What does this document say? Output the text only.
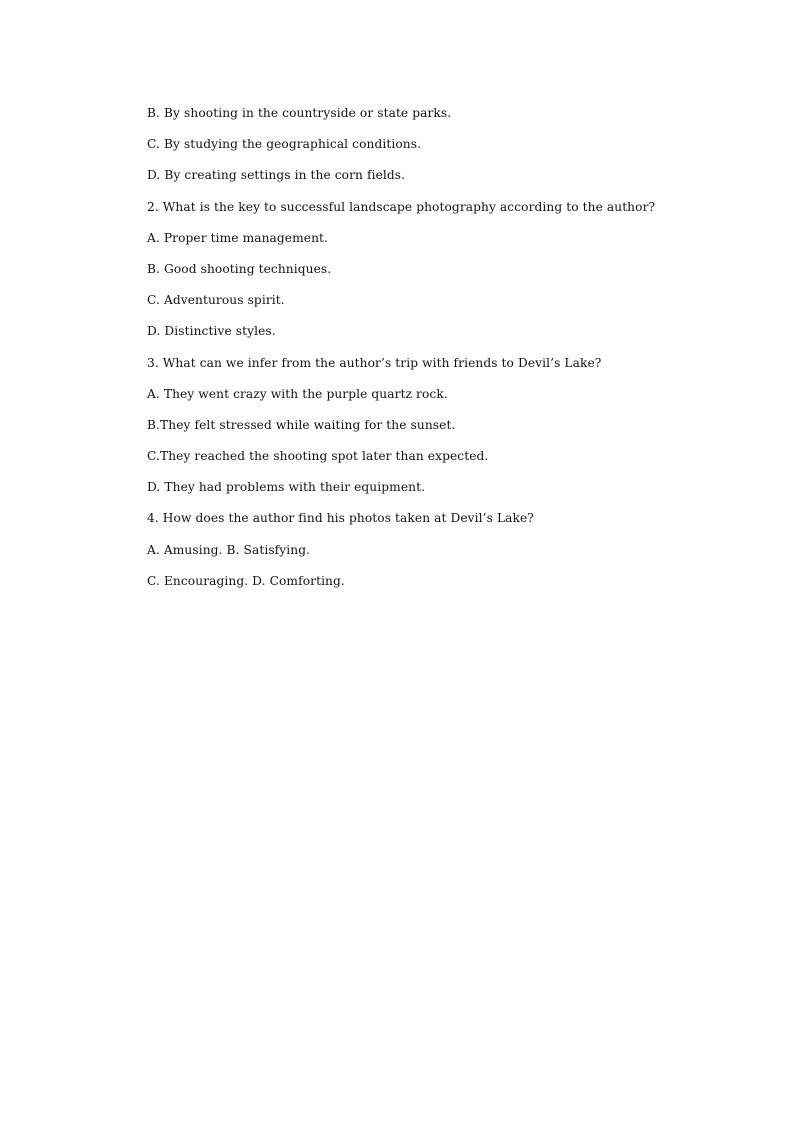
B. By shooting in the countryside or state parks.
C. By studying the geographical conditions.
D. By creating settings in the corn fields.
2. What is the key to successful landscape photography according to the author?
A. Proper time management.
B. Good shooting techniques.
C. Adventurous spirit.
D. Distinctive styles.
3. What can we infer from the author’s trip with friends to Devil’s Lake?
A. They went crazy with the purple quartz rock.
B.They felt stressed while waiting for the sunset.
C.They reached the shooting spot later than expected.
D. They had problems with their equipment.
4. How does the author find his photos taken at Devil’s Lake?
A. Amusing. B. Satisfying.
C. Encouraging. D. Comforting.
